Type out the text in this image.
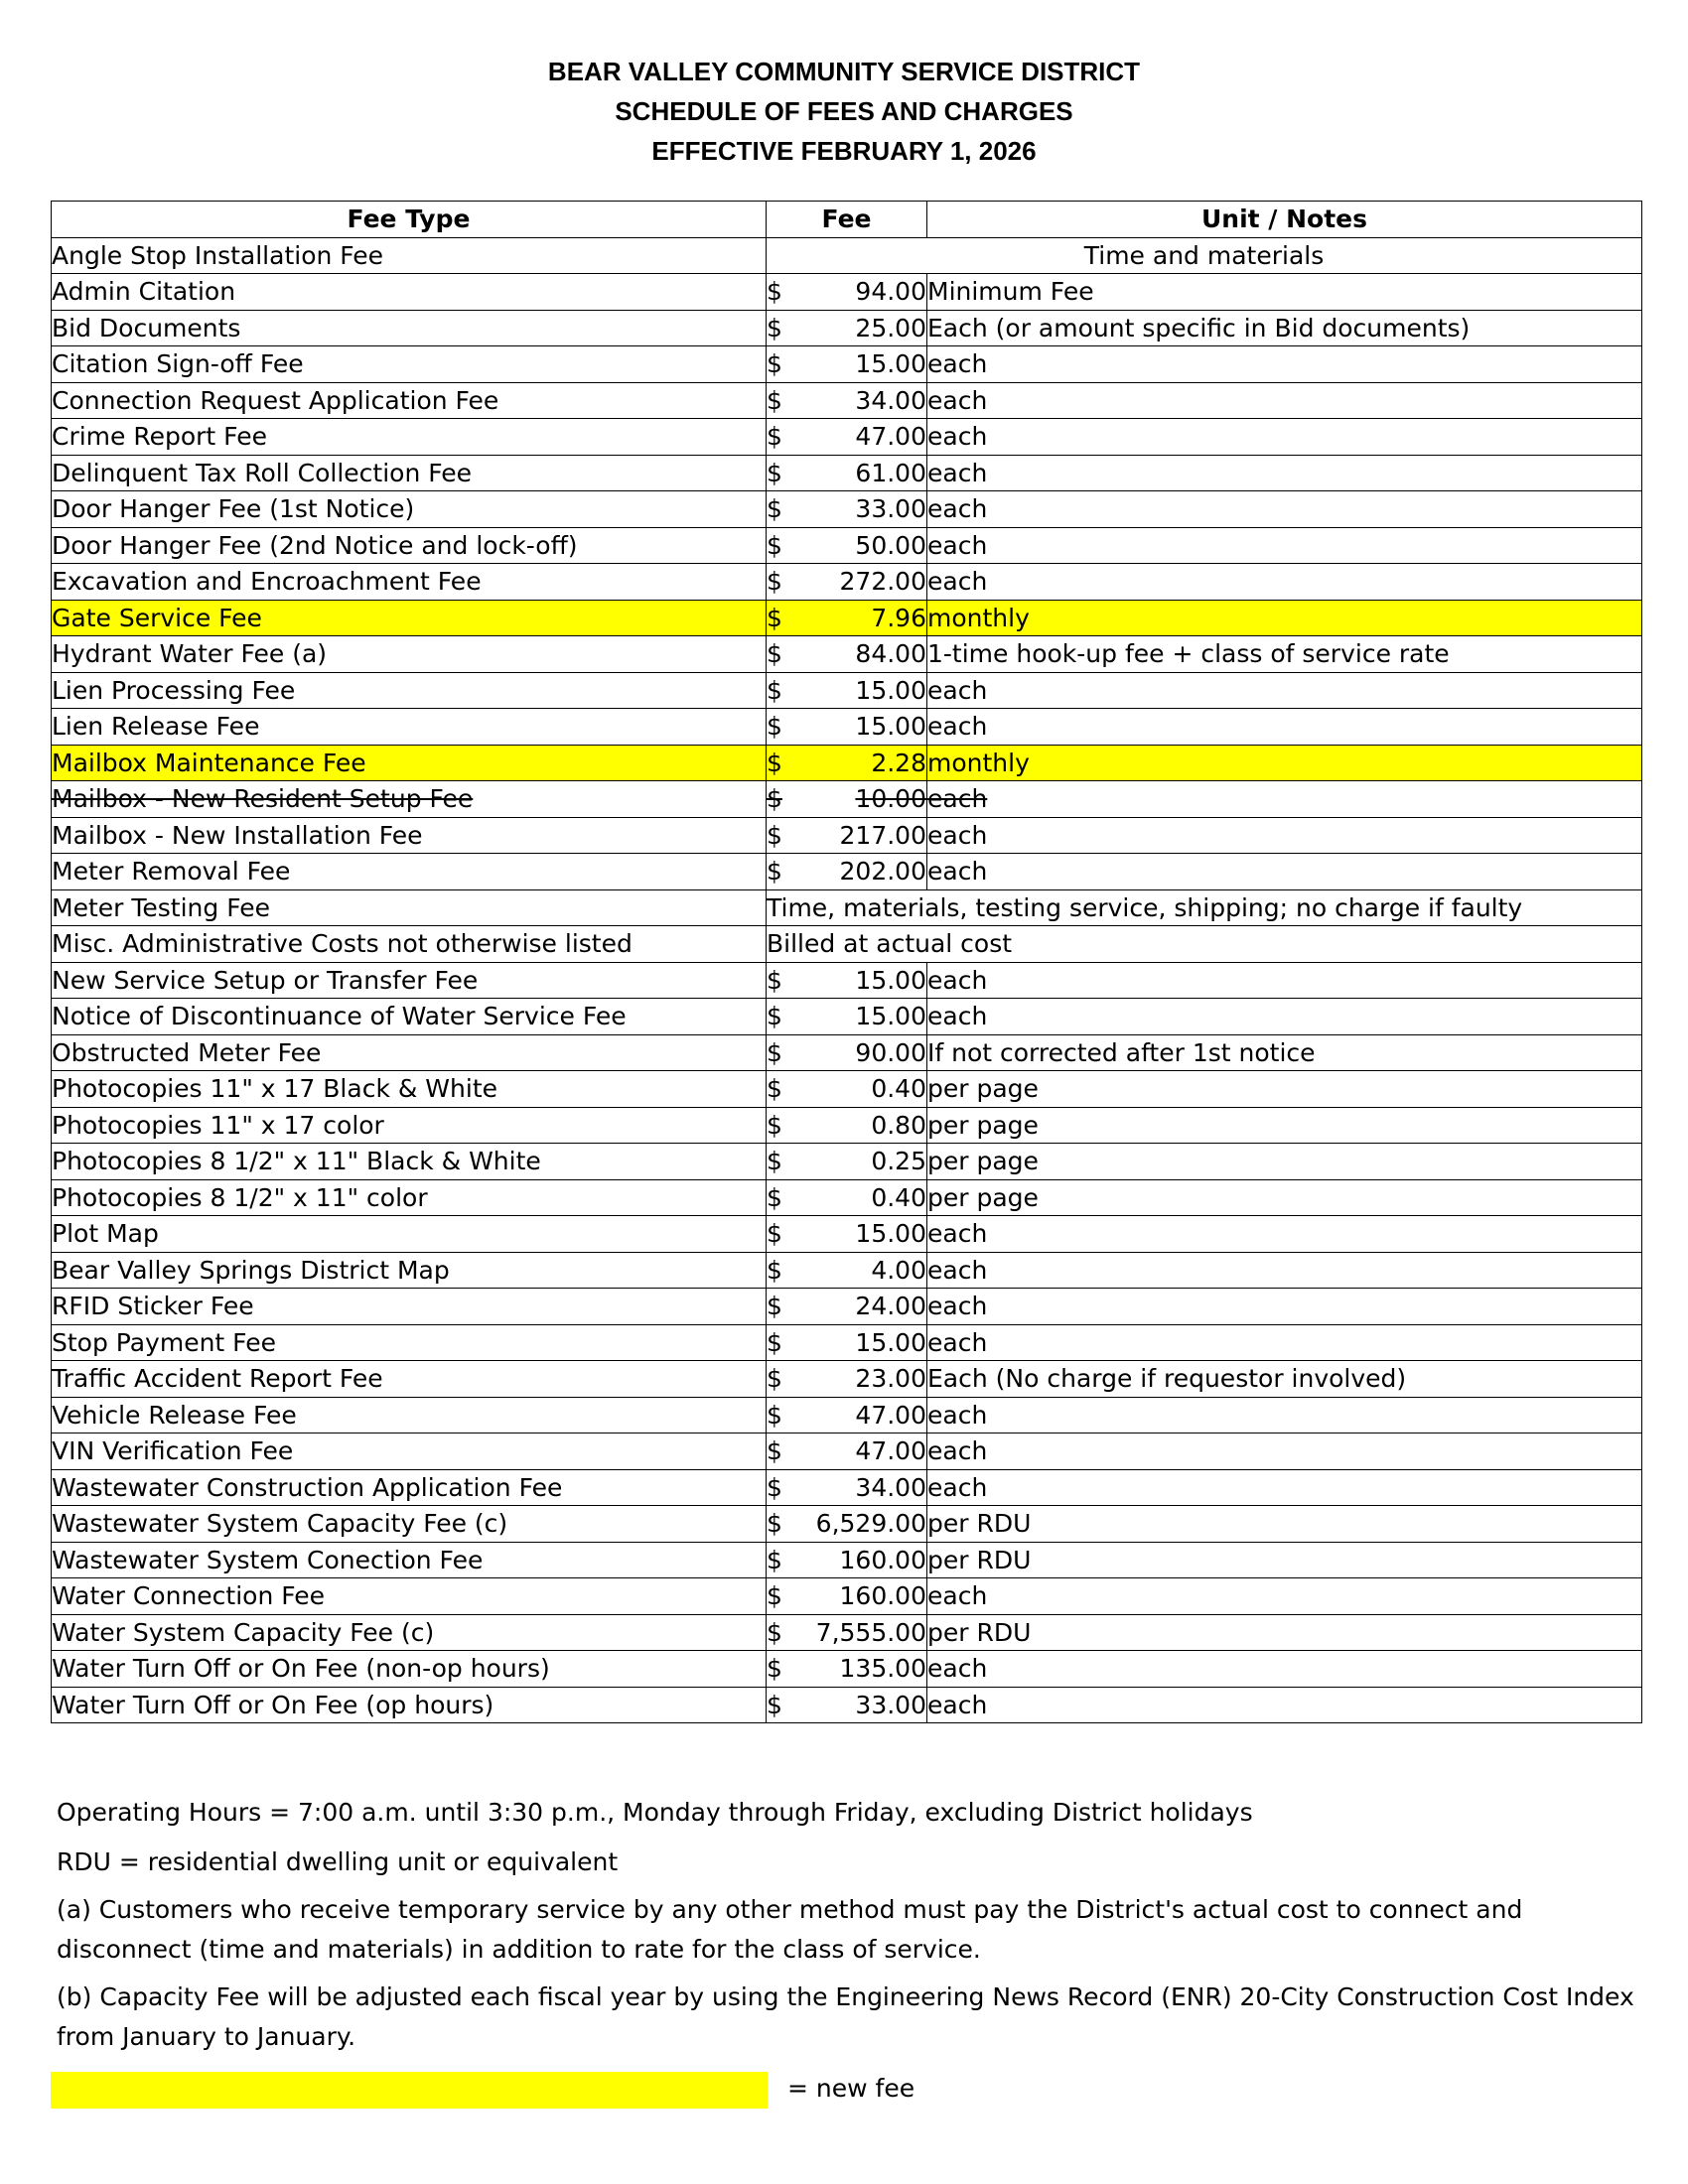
BEAR VALLEY COMMUNITY SERVICE DISTRICT
SCHEDULE OF FEES AND CHARGES
EFFECTIVE FEBRUARY 1, 2026
Fee Type	Fee	Unit / Notes
Angle Stop Installation Fee	Time and materials	
Admin Citation	$ 94.00	Minimum Fee
Bid Documents	$ 25.00	Each (or amount specific in Bid documents)
Citation Sign-off Fee	$ 15.00	each
Connection Request Application Fee	$ 34.00	each
Crime Report Fee	$ 47.00	each
Delinquent Tax Roll Collection Fee	$ 61.00	each
Door Hanger Fee (1st Notice)	$ 33.00	each
Door Hanger Fee (2nd Notice and lock-off)	$ 50.00	each
Excavation and Encroachment Fee	$ 272.00	each
Gate Service Fee	$ 7.96	monthly
Hydrant Water Fee (a)	$ 84.00	1-time hook-up fee + class of service rate
Lien Processing Fee	$ 15.00	each
Lien Release Fee	$ 15.00	each
Mailbox Maintenance Fee	$ 2.28	monthly
Mailbox - New Resident Setup Fee	$ 10.00	each
Mailbox - New Installation Fee	$ 217.00	each
Meter Removal Fee	$ 202.00	each
Meter Testing Fee	Time, materials, testing service, shipping; no charge if faulty	
Misc. Administrative Costs not otherwise listed	Billed at actual cost	
New Service Setup or Transfer Fee	$ 15.00	each
Notice of Discontinuance of Water Service Fee	$ 15.00	each
Obstructed Meter Fee	$ 90.00	If not corrected after 1st notice
Photocopies 11" x 17 Black & White	$ 0.40	per page
Photocopies 11" x 17 color	$ 0.80	per page
Photocopies 8 1/2" x 11" Black & White	$ 0.25	per page
Photocopies 8 1/2" x 11" color	$ 0.40	per page
Plot Map	$ 15.00	each
Bear Valley Springs District Map	$ 4.00	each
RFID Sticker Fee	$ 24.00	each
Stop Payment Fee	$ 15.00	each
Traffic Accident Report Fee	$ 23.00	Each (No charge if requestor involved)
Vehicle Release Fee	$ 47.00	each
VIN Verification Fee	$ 47.00	each
Wastewater Construction Application Fee	$ 34.00	each
Wastewater System Capacity Fee (c)	$ 6,529.00	per RDU
Wastewater System Conection Fee	$ 160.00	per RDU
Water Connection Fee	$ 160.00	each
Water System Capacity Fee (c)	$ 7,555.00	per RDU
Water Turn Off or On Fee (non-op hours)	$ 135.00	each
Water Turn Off or On Fee (op hours)	$ 33.00	each
Operating Hours = 7:00 a.m. until 3:30 p.m., Monday through Friday, excluding District holidays
RDU = residential dwelling unit or equivalent
(a) Customers who receive temporary service by any other method must pay the District's actual cost to connect and
disconnect (time and materials) in addition to rate for the class of service.
(b) Capacity Fee will be adjusted each fiscal year by using the Engineering News Record (ENR) 20-City Construction Cost Index
from January to January.
= new fee
